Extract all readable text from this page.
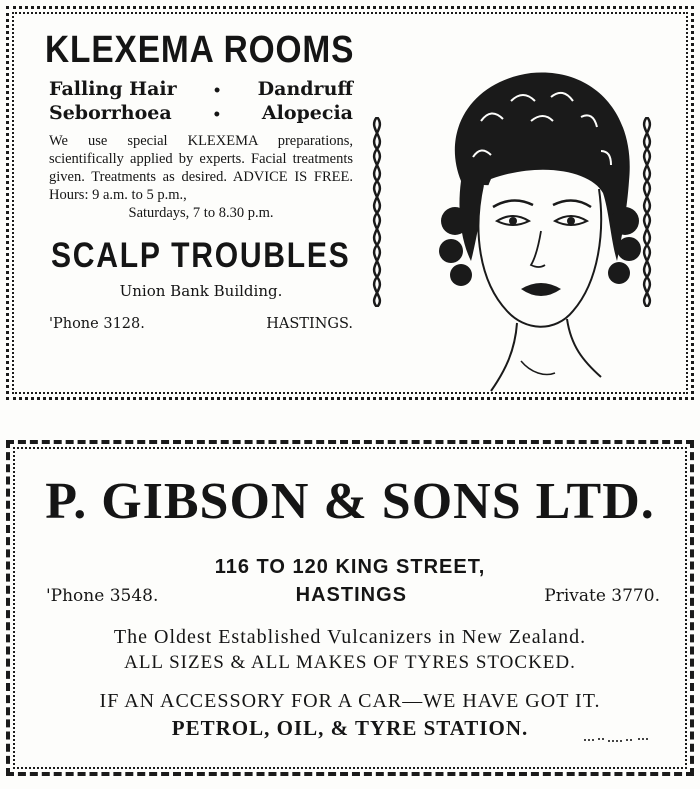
KLEXEMA ROOMS
Falling Hair	• Dandruff
Seborrhoea	• Alopecia
We use special KLEXEMA preparations, scientifically applied by experts. Facial treatments given. Treatments as desired. ADVICE IS FREE. Hours: 9 a.m. to 5 p.m.,
Saturdays, 7 to 8.30 p.m.
SCALP TROUBLES
Union Bank Building.
'Phone 3128.	HASTINGS.
P. GIBSON & SONS LTD.
116 TO 120 KING STREET,
'Phone 3548.	HASTINGS	Private 3770.
The Oldest Established Vulcanizers in New Zealand.
ALL SIZES & ALL MAKES OF TYRES STOCKED.
IF AN ACCESSORY FOR A CAR—WE HAVE GOT IT.
PETROL, OIL, & TYRE STATION.
